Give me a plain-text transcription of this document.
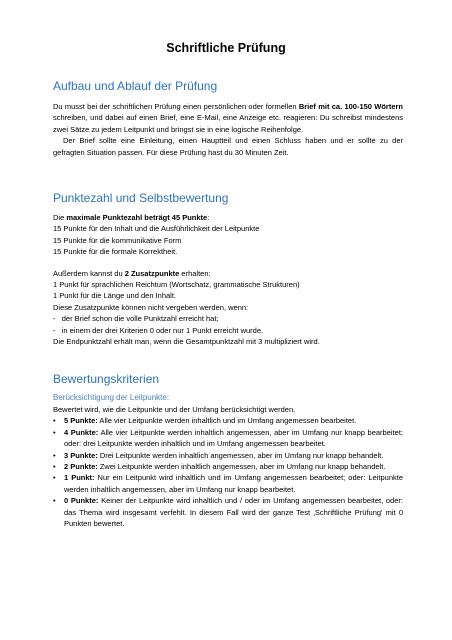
Schriftliche Prüfung
Aufbau und Ablauf der Prüfung

Du musst bei der schriftlichen Prüfung einen persönlichen oder formellen Brief mit ca. 100-150 Wörtern schreiben, und dabei auf einen Brief, eine E-Mail, eine Anzeige etc. reagieren: Du schreibst mindestens zwei Sätze zu jedem Leitpunkt und bringst sie in eine logische Reihenfolge.

Der Brief sollte eine Einleitung, einen Hauptteil und einen Schluss haben und er sollte zu der gefragten Situation passen. Für diese Prüfung hast du 30 Minuten Zeit.

Punktezahl und Selbstbewertung

Die maximale Punktezahl beträgt 45 Punkte:

15 Punkte für den Inhalt und die Ausführlichkeit der Leitpunkte

15 Punkte für die kommunikative Form

15 Punkte für die formale Korrektheit.

Außerdem kannst du 2 Zusatzpunkte erhalten:

1 Punkt für sprachlichen Reichtum (Wortschatz, grammatische Strukturen)

1 Punkt für die Länge und den Inhalt.

Diese Zusatzpunkte können nicht vergeben werden, wenn:

-   der Brief schon die volle Punktzahl erreicht hat;

-   in einem der drei Kriterien 0 oder nur 1 Punkt erreicht wurde.

Die Endpunktzahl erhält man, wenn die Gesamtpunktzahl mit 3 multipliziert wird.

Bewertungskriterien
Berücksichtigung der Leitpunkte:

Bewertet wird, wie die Leitpunkte und der Umfang berücksichtigt werden.

• 5 Punkte: Alle vier Leitpunkte werden inhaltlich und im Umfang angemessen bearbeitet.
• 4 Punkte: Alle vier Leitpunkte werden inhaltlich angemessen, aber im Umfang nur knapp bearbeitet; oder: drei Leitpunkte werden inhaltlich und im Umfang angemessen bearbeitet.
• 3 Punkte: Drei Leitpunkte werden inhaltlich angemessen, aber im Umfang nur knapp behandelt.
• 2 Punkte: Zwei Leitpunkte werden inhaltlich angemessen, aber im Umfang nur knapp behandelt.
• 1 Punkt: Nur ein Leitpunkt wird inhaltlich und im Umfang angemessen bearbeitet; oder: Leitpunkte werden inhaltlich angemessen, aber im Umfang nur knapp bearbeitet.
• 0 Punkte: Keiner der Leitpunkte wird inhaltlich und / oder im Umfang angemessen bearbeitet, oder: das Thema wird insgesamt verfehlt. In diesem Fall wird der ganze Test ‚Schriftliche Prüfung' mit 0 Punkten bewertet.
